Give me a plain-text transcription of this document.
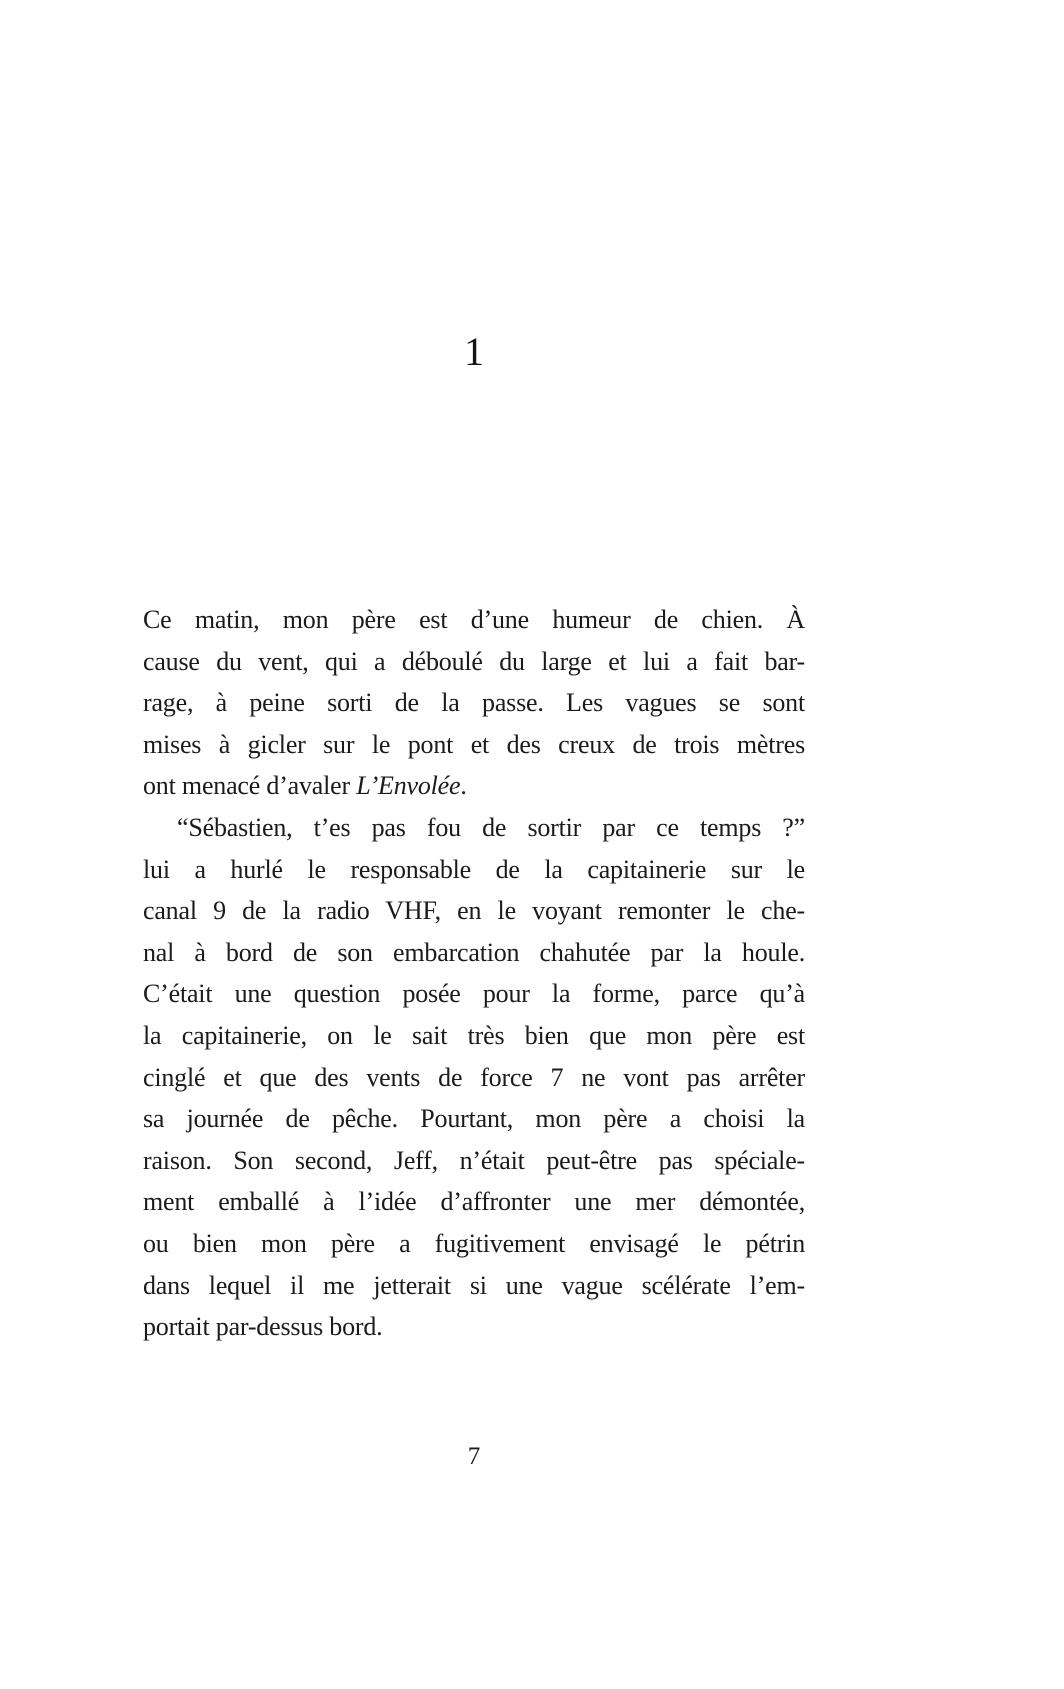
1
Ce matin, mon père est d’une humeur de chien. À
cause du vent, qui a déboulé du large et lui a fait bar-
rage, à peine sorti de la passe. Les vagues se sont
mises à gicler sur le pont et des creux de trois mètres
ont menacé d’avaler L’Envolée.
“Sébastien, t’es pas fou de sortir par ce temps ?”
lui a hurlé le responsable de la capitainerie sur le
canal 9 de la radio VHF, en le voyant remonter le che-
nal à bord de son embarcation chahutée par la houle.
C’était une question posée pour la forme, parce qu’à
la capitainerie, on le sait très bien que mon père est
cinglé et que des vents de force 7 ne vont pas arrêter
sa journée de pêche. Pourtant, mon père a choisi la
raison. Son second, Jeff, n’était peut-être pas spéciale-
ment emballé à l’idée d’affronter une mer démontée,
ou bien mon père a fugitivement envisagé le pétrin
dans lequel il me jetterait si une vague scélérate l’em-
portait par-dessus bord.
7
